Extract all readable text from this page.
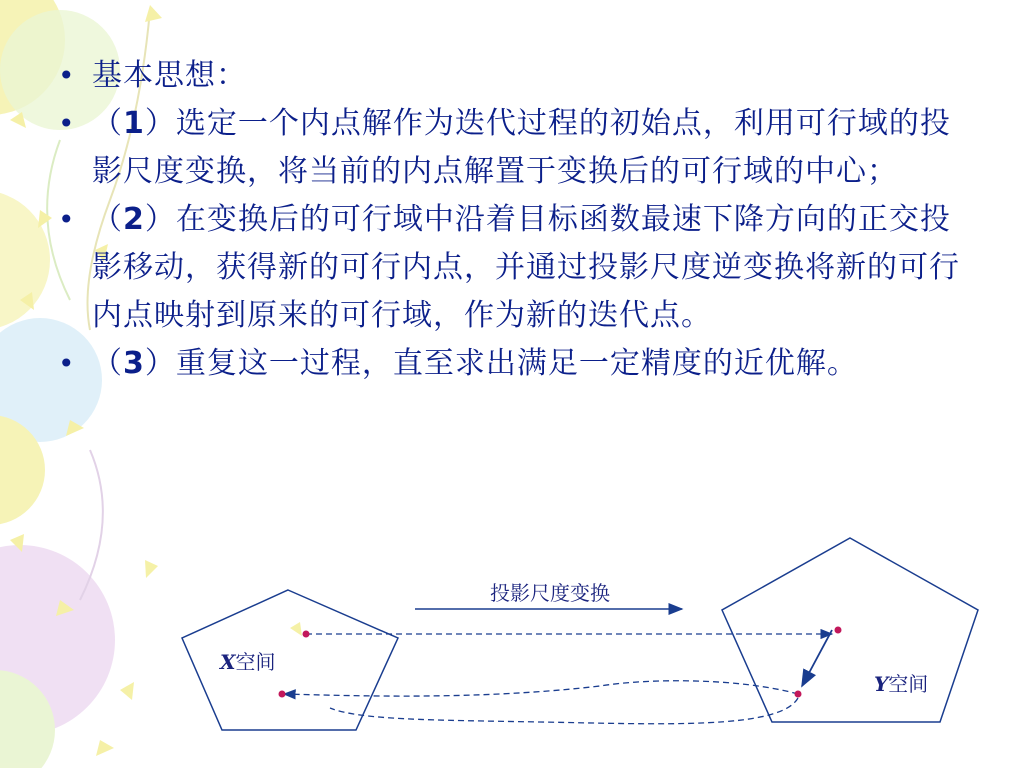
• 基本思想：
• （1）选定一个内点解作为迭代过程的初始点，利用可行域的投影尺度变换，将当前的内点解置于变换后的可行域的中心；
• （2）在变换后的可行域中沿着目标函数最速下降方向的正交投影移动，获得新的可行内点，并通过投影尺度逆变换将新的可行内点映射到原来的可行域，作为新的迭代点。
• （3）重复这一过程，直至求出满足一定精度的近优解。
投影尺度变换
X空间
Y空间
